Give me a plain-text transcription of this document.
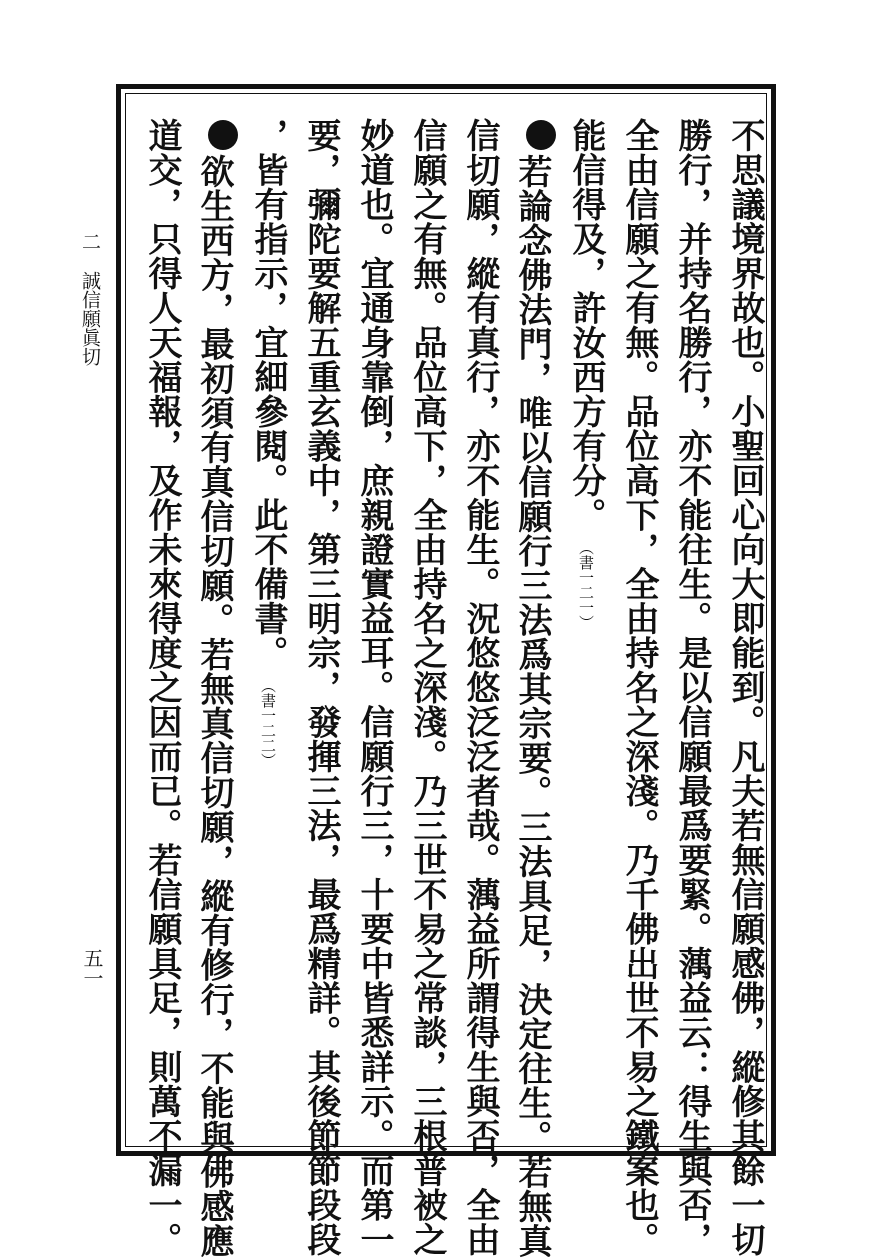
二誠信願眞切
五一	不思議境界故也。小聖回心向大即能到。凡夫若無信願感佛，縱修其餘一切
勝行，并持名勝行，亦不能往生。是以信願最爲要緊。蕅益云：得生與否，
全由信願之有無。品位高下，全由持名之深淺。乃千佛出世不易之鐵案也。
能信得及，許汝西方有分。（書一二一）
若論念佛法門，唯以信願行三法爲其宗要。三法具足，決定往生。若無真
信切願，縱有真行，亦不能生。況悠悠泛泛者哉。蕅益所謂得生與否，全由
信願之有無。品位高下，全由持名之深淺。乃三世不易之常談，三根普被之
妙道也。宜通身靠倒，庶親證實益耳。信願行三，十要中皆悉詳示。而第一
要，彌陀要解五重玄義中，第三明宗，發揮三法，最爲精詳。其後節節段段
，皆有指示，宜細參閱。此不備書。（書一二二）
欲生西方，最初須有真信切願。若無真信切願，縱有修行，不能與佛感應
道交，只得人天福報，及作未來得度之因而已。若信願具足，則萬不漏一。
